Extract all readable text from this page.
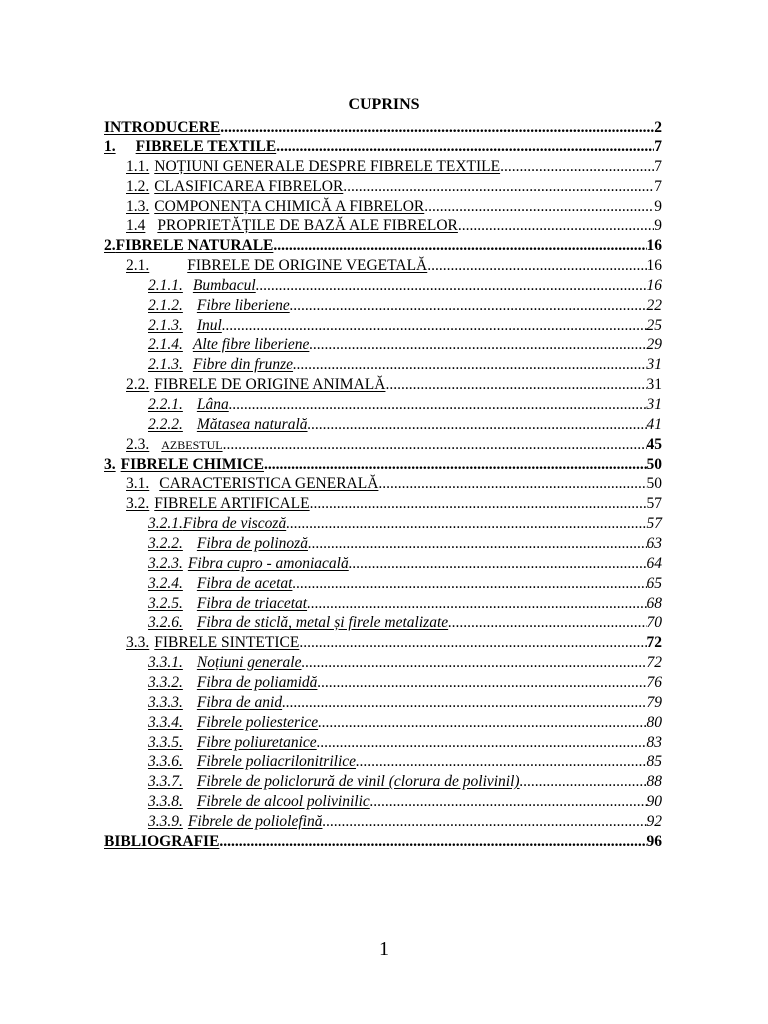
CUPRINS
INTRODUCERE .....	2
1. FIBRELE TEXTILE .....	7
1.1. NOȚIUNI GENERALE DESPRE FIBRELE TEXTILE .....	7
1.2. CLASIFICAREA FIBRELOR .....	7
1.3. COMPONENȚA CHIMICĂ A FIBRELOR .....	9
1.4 PROPRIETĂȚILE DE BAZĂ ALE FIBRELOR .....	9
2.FIBRELE NATURALE .....	16
2.1. FIBRELE DE ORIGINE VEGETALĂ .....	16
2.1.1. Bumbacul .....	16
2.1.2. Fibre liberiene .....	22
2.1.3. Inul .....	25
2.1.4. Alte fibre liberiene .....	29
2.1.3. Fibre din frunze .....	31
2.2. FIBRELE DE ORIGINE ANIMALĂ .....	31
2.2.1. Lâna .....	31
2.2.2. Mătasea naturală .....	41
2.3. AZBESTUL .....	45
3. FIBRELE CHIMICE .....	50
3.1. CARACTERISTICA GENERALĂ .....	50
3.2. FIBRELE ARTIFICALE .....	57
3.2.1.Fibra de viscoză .....	57
3.2.2. Fibra de polinoză .....	63
3.2.3. Fibra cupro - amoniacală .....	64
3.2.4. Fibra de acetat .....	65
3.2.5. Fibra de triacetat .....	68
3.2.6. Fibra de sticlă, metal și firele metalizate .....	70
3.3. FIBRELE SINTETICE .....	72
3.3.1. Noțiuni generale .....	72
3.3.2. Fibra de poliamidă .....	76
3.3.3. Fibra de anid .....	79
3.3.4. Fibrele poliesterice .....	80
3.3.5. Fibre poliuretanice .....	83
3.3.6. Fibrele poliacrilonitrilice .....	85
3.3.7. Fibrele de policlorură de vinil (clorura de polivinil) .....	88
3.3.8. Fibrele de alcool polivinilic .....	90
3.3.9. Fibrele de poliolefină .....	92
BIBLIOGRAFIE .....	96
1
